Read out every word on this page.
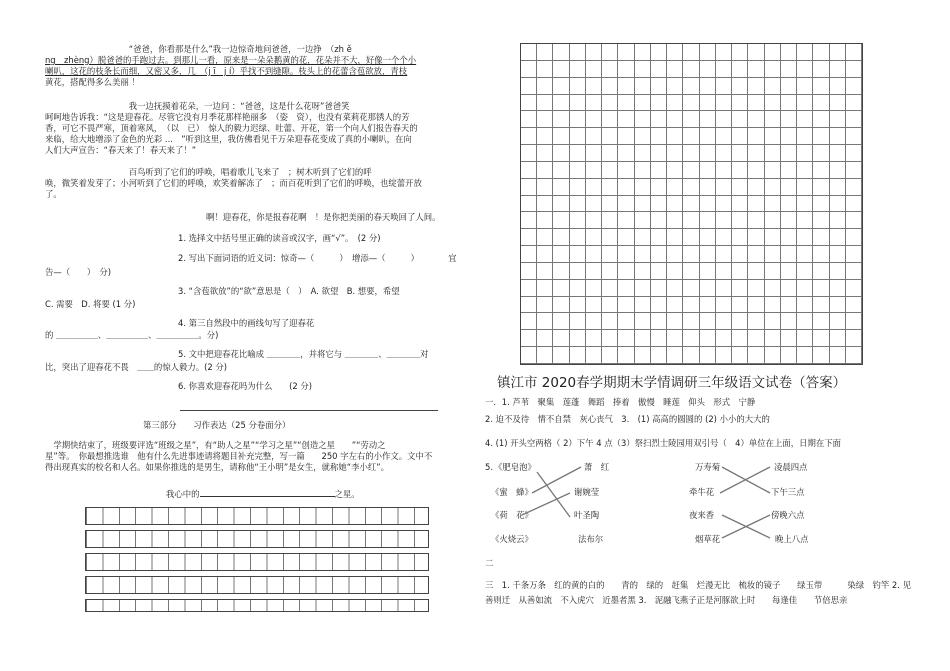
　　　　　　　　　　“爸爸，你看那是什么”我一边惊奇地问爸爸，一边挣　（zh ě
ng　zhèng）脱爸爸的手跑过去。到那儿一看，原来是一朵朵鹅黄的花，花朵并不大，好像一个个小
喇叭，这花的枝条长而细，又密又多，几　（j ī　j í）乎找不到缝隙。枝头上的花蕾含苞欲放，青枝
黄花，搭配得多么美丽 ！
　　　　　　　　　　我一边抚摸着花朵，一边问 ：“爸爸，这是什么花呀”爸爸笑
呵呵地告诉我：“这是迎春花。尽管它没有月季花那样艳丽多　（姿　资），也没有菜莉花那锈人的芳
香，可它不畏严寒，顶着寒风，　（以　已）　惊人的毅力迟绿、吐蕾、开花，第一个向人们报告春天的
来临，给大地增添了金色的光彩 ...　”听到这里，我仿佛看见千万朵迎春花变成了真的小喇叭，在向
人们大声宣告：“春天来了！春天来了！”
　　　　　　　　　　百鸟听到了它们的呼唤，唱着歌儿飞来了　；树木听到了它们的呼
唤，微笑着发芽了；小河听到了它们的呼唤，欢笑着解冻了　；而百花听到了它们的呼唤，也绽蕾开放
了。
啊！迎春花，你是报春花啊　！是你把美丽的春天唤回了人间。
1. 选择文中括号里正确的读音或汉字，画“√”。　(2 分)
2. 写出下面词语的近义词：惊奇—（　　　）　增添—（　　　）　　　　宜
告—（　　）　分)
3. “含苞欲放”的“欲”意思是（　）　A. 欲望　B. 想要，希望
C. 需要　D. 将要 (1 分)
4. 第三自然段中的画线句写了迎春花
的 ＿＿＿＿＿、＿＿＿＿＿、＿＿＿＿＿。分)
5. 文中把迎春花比喻成 ＿＿＿＿，并将它与 ＿＿＿＿、＿＿＿＿对
比，突出了迎春花不畏　＿＿的惊人毅力。(2 分)
6. 你喜欢迎春花吗为什么　　(2 分)
第三部分　　习作表达（25 分卷面分）
　学期快结束了，班级要评选“班级之星”，有“助人之星”“学习之星”“创造之星　　”“劳动之
星”等。　你最想推选谁　他有什么先进事迹请将题目补充完整，写一篇　　250 字左右的小作文。文中不
得出现真实的校名和人名。如果你推选的是男生，请称他“王小明”是女生，就称她“李小红”。
我心中的	之星。
镇江市 2020春学期期末学情调研三年级语文试卷（答案）
一．1. 芦苇　聚集　莲蓬　舞蹈　捧着　傲慢　睡莲　仰头　形式　宁静
2. 迫不及待　情不自禁　灰心丧气　3.　(1) 高高的圆圆的 (2) 小小的大大的
4. (1) 开头空两格（ 2）下午 4 点（3）祭扫烈士陵园用双引号（　4）单位在上面，日期在下面
5. 《肥皂泡》
《蜜　蜂》
《荷　花》
《火烧云》
萧　红
谢婉莹
叶圣陶
法布尔
万寿菊
牵牛花
夜来香
烟草花
凌晨四点
下午三点
傍晚六点
晚上八点
二
三　1. 千条万条　红的黄的白的　　青的　绿的　赶集　烂漫无比　梳妆的镜子　　绿玉带　　　染绿　钓竿 2. 见
善则迁　从善如流　不入虎穴　近墨者黑 3.　泥融飞燕子正是河豚欲上时　　每逢佳　　节倍思亲
